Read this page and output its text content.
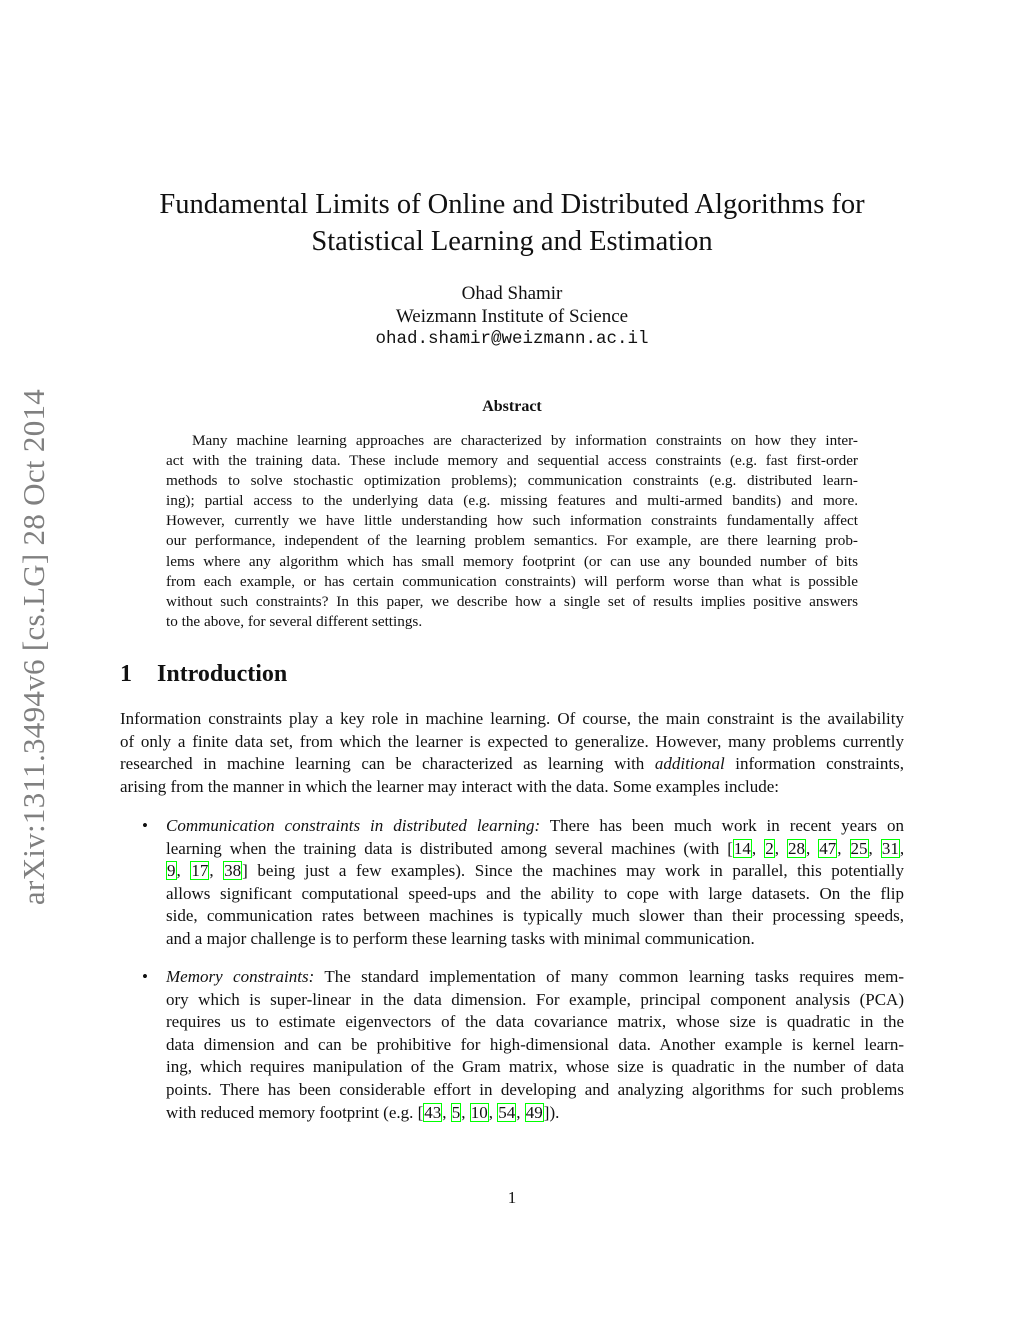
arXiv:1311.3494v6 [cs.LG] 28 Oct 2014
Fundamental Limits of Online and Distributed Algorithms for
Statistical Learning and Estimation
Ohad Shamir
Weizmann Institute of Science
ohad.shamir@weizmann.ac.il
Abstract
Many machine learning approaches are characterized by information constraints on how they inter-
act with the training data. These include memory and sequential access constraints (e.g. fast first-order
methods to solve stochastic optimization problems); communication constraints (e.g. distributed learn-
ing); partial access to the underlying data (e.g. missing features and multi-armed bandits) and more.
However, currently we have little understanding how such information constraints fundamentally affect
our performance, independent of the learning problem semantics. For example, are there learning prob-
lems where any algorithm which has small memory footprint (or can use any bounded number of bits
from each example, or has certain communication constraints) will perform worse than what is possible
without such constraints? In this paper, we describe how a single set of results implies positive answers
to the above, for several different settings.
1 Introduction
Information constraints play a key role in machine learning. Of course, the main constraint is the availability
of only a finite data set, from which the learner is expected to generalize. However, many problems currently
researched in machine learning can be characterized as learning with additional information constraints,
arising from the manner in which the learner may interact with the data. Some examples include:
• Communication constraints in distributed learning: There has been much work in recent years on
learning when the training data is distributed among several machines (with [14, 2, 28, 47, 25, 31,
9, 17, 38] being just a few examples). Since the machines may work in parallel, this potentially
allows significant computational speed-ups and the ability to cope with large datasets. On the flip
side, communication rates between machines is typically much slower than their processing speeds,
and a major challenge is to perform these learning tasks with minimal communication.
• Memory constraints: The standard implementation of many common learning tasks requires mem-
ory which is super-linear in the data dimension. For example, principal component analysis (PCA)
requires us to estimate eigenvectors of the data covariance matrix, whose size is quadratic in the
data dimension and can be prohibitive for high-dimensional data. Another example is kernel learn-
ing, which requires manipulation of the Gram matrix, whose size is quadratic in the number of data
points. There has been considerable effort in developing and analyzing algorithms for such problems
with reduced memory footprint (e.g. [43, 5, 10, 54, 49]).
1
